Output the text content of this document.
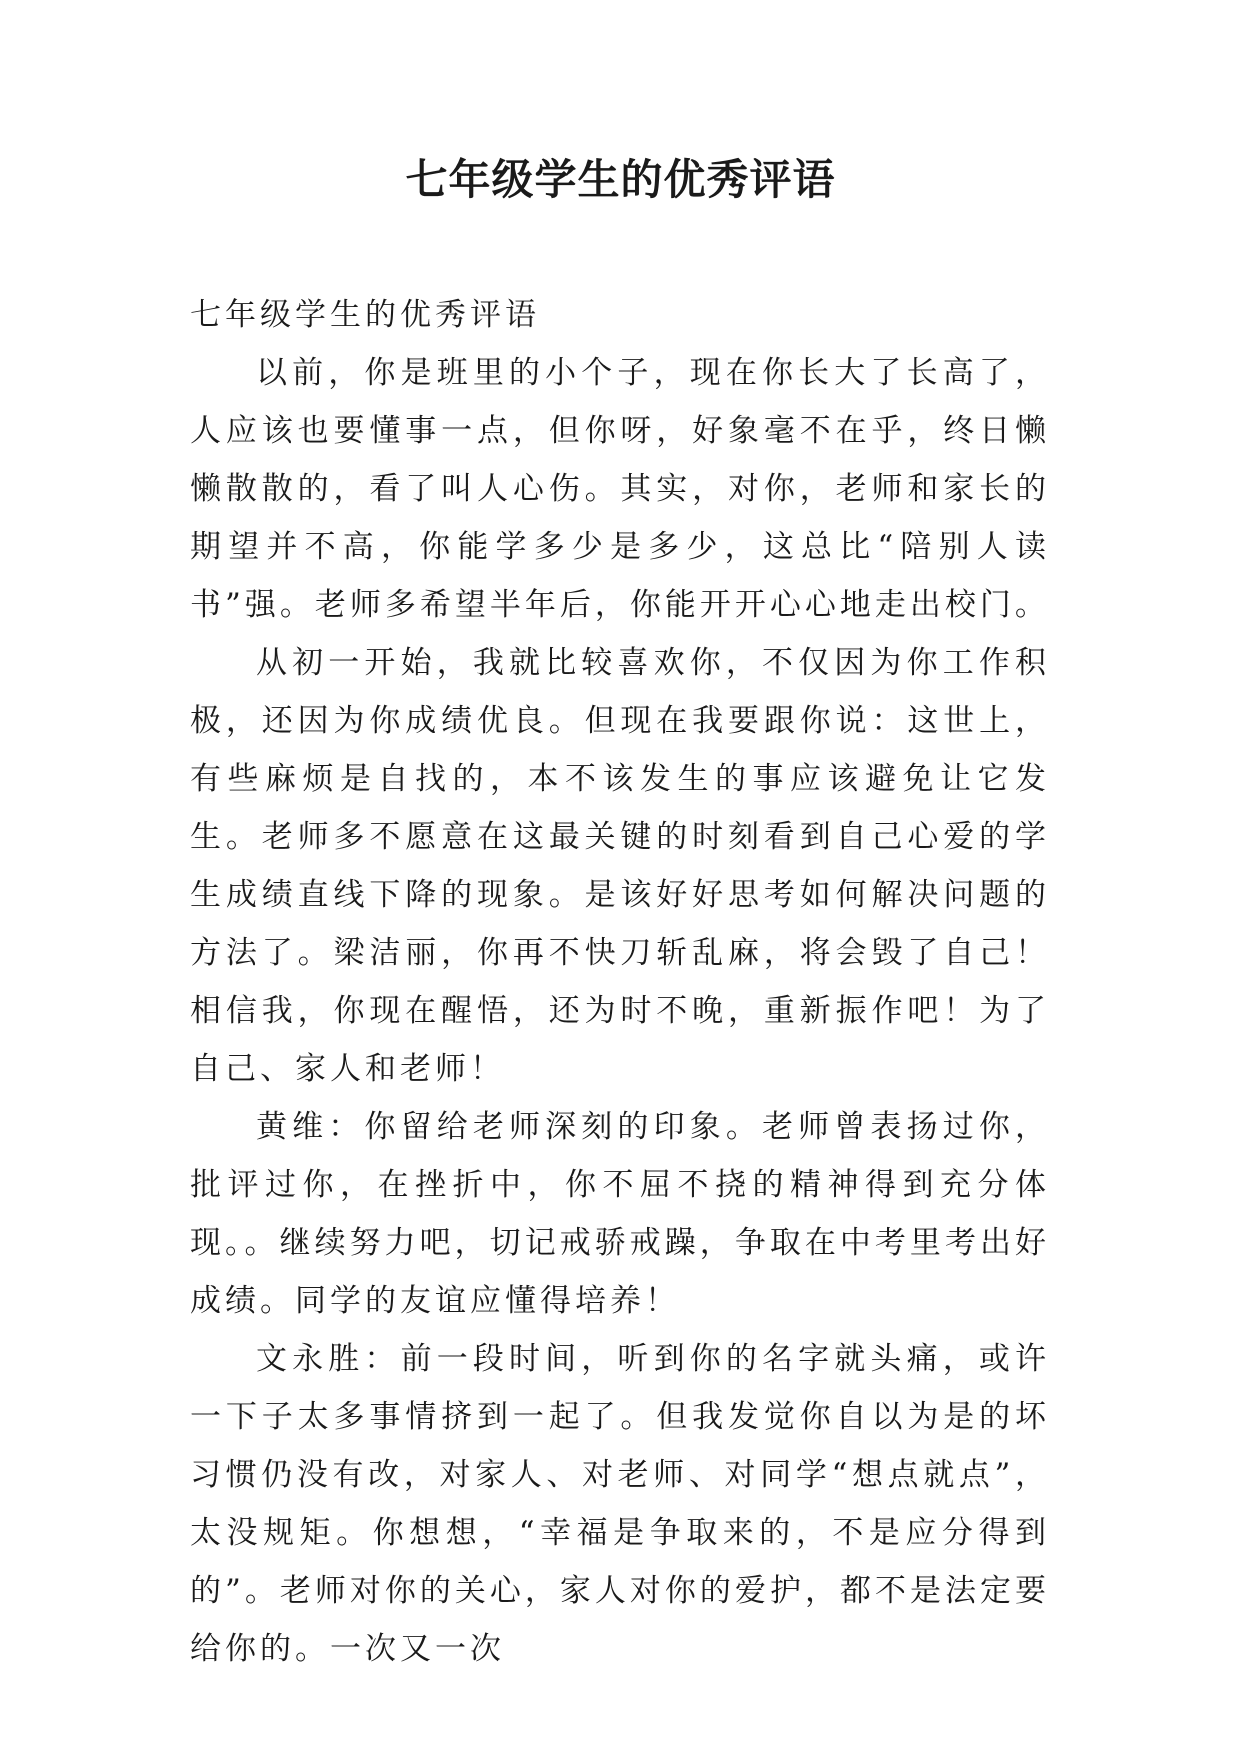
七年级学生的优秀评语

七年级学生的优秀评语

以前，你是班里的小个子，现在你长大了长高了，人应该也要懂事一点，但你呀，好象毫不在乎，终日懒懒散散的，看了叫人心伤。其实，对你，老师和家长的期望并不高，你能学多少是多少，这总比“陪别人读书”强。老师多希望半年后，你能开开心心地走出校门。

从初一开始，我就比较喜欢你，不仅因为你工作积极，还因为你成绩优良。但现在我要跟你说：这世上，有些麻烦是自找的，本不该发生的事应该避免让它发生。老师多不愿意在这最关键的时刻看到自己心爱的学生成绩直线下降的现象。是该好好思考如何解决问题的方法了。梁洁丽，你再不快刀斩乱麻，将会毁了自己！相信我，你现在醒悟，还为时不晚，重新振作吧！为了自己、家人和老师！

黄维：你留给老师深刻的印象。老师曾表扬过你，批评过你，在挫折中，你不屈不挠的精神得到充分体现。。继续努力吧，切记戒骄戒躁，争取在中考里考出好成绩。同学的友谊应懂得培养！

文永胜：前一段时间，听到你的名字就头痛，或许一下子太多事情挤到一起了。但我发觉你自以为是的坏习惯仍没有改，对家人、对老师、对同学“想点就点”，太没规矩。你想想，“幸福是争取来的，不是应分得到的”。老师对你的关心，家人对你的爱护，都不是法定要给你的。一次又一次
